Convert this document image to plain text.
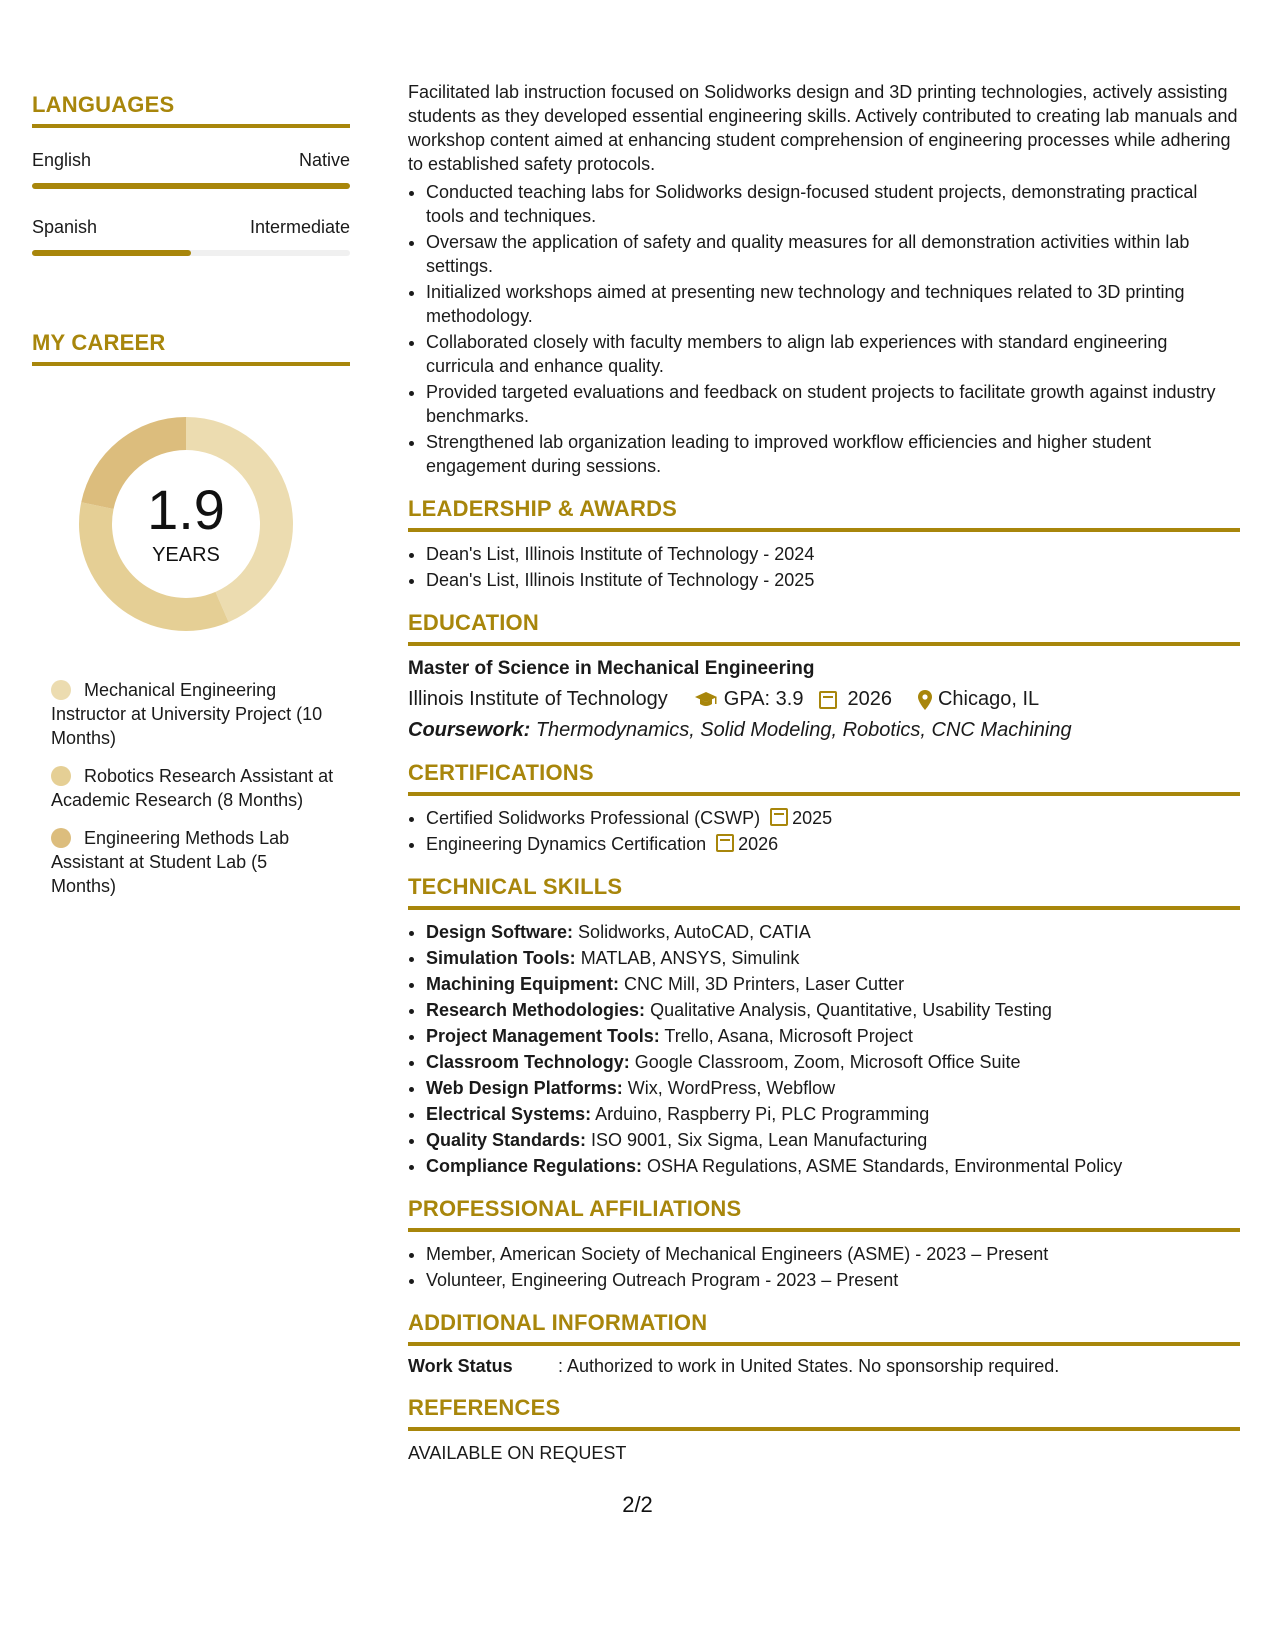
LANGUAGES
English	Native
Spanish	Intermediate
MY CAREER
1.9
YEARS
Mechanical Engineering Instructor at University Project (10 Months)
Robotics Research Assistant at Academic Research (8 Months)
Engineering Methods Lab Assistant at Student Lab (5 Months)

Facilitated lab instruction focused on Solidworks design and 3D printing technologies, actively assisting students as they developed essential engineering skills. Actively contributed to creating lab manuals and workshop content aimed at enhancing student comprehension of engineering processes while adhering to established safety protocols.

• Conducted teaching labs for Solidworks design-focused student projects, demonstrating practical tools and techniques.
• Oversaw the application of safety and quality measures for all demonstration activities within lab settings.
• Initialized workshops aimed at presenting new technology and techniques related to 3D printing methodology.
• Collaborated closely with faculty members to align lab experiences with standard engineering curricula and enhance quality.
• Provided targeted evaluations and feedback on student projects to facilitate growth against industry benchmarks.
• Strengthened lab organization leading to improved workflow efficiencies and higher student engagement during sessions.
LEADERSHIP & AWARDS
• Dean's List, Illinois Institute of Technology - 2024
• Dean's List, Illinois Institute of Technology - 2025
EDUCATION
Master of Science in Mechanical Engineering
Illinois Institute of Technology	GPA: 3.9 2026 Chicago, IL
Coursework: Thermodynamics, Solid Modeling, Robotics, CNC Machining
CERTIFICATIONS
• Certified Solidworks Professional (CSWP) 2025
• Engineering Dynamics Certification 2026
TECHNICAL SKILLS
• Design Software: Solidworks, AutoCAD, CATIA
• Simulation Tools: MATLAB, ANSYS, Simulink
• Machining Equipment: CNC Mill, 3D Printers, Laser Cutter
• Research Methodologies: Qualitative Analysis, Quantitative, Usability Testing
• Project Management Tools: Trello, Asana, Microsoft Project
• Classroom Technology: Google Classroom, Zoom, Microsoft Office Suite
• Web Design Platforms: Wix, WordPress, Webflow
• Electrical Systems: Arduino, Raspberry Pi, PLC Programming
• Quality Standards: ISO 9001, Six Sigma, Lean Manufacturing
• Compliance Regulations: OSHA Regulations, ASME Standards, Environmental Policy
PROFESSIONAL AFFILIATIONS
• Member, American Society of Mechanical Engineers (ASME) - 2023 – Present
• Volunteer, Engineering Outreach Program - 2023 – Present
ADDITIONAL INFORMATION
Work Status	: Authorized to work in United States. No sponsorship required.
REFERENCES
AVAILABLE ON REQUEST
2/2
